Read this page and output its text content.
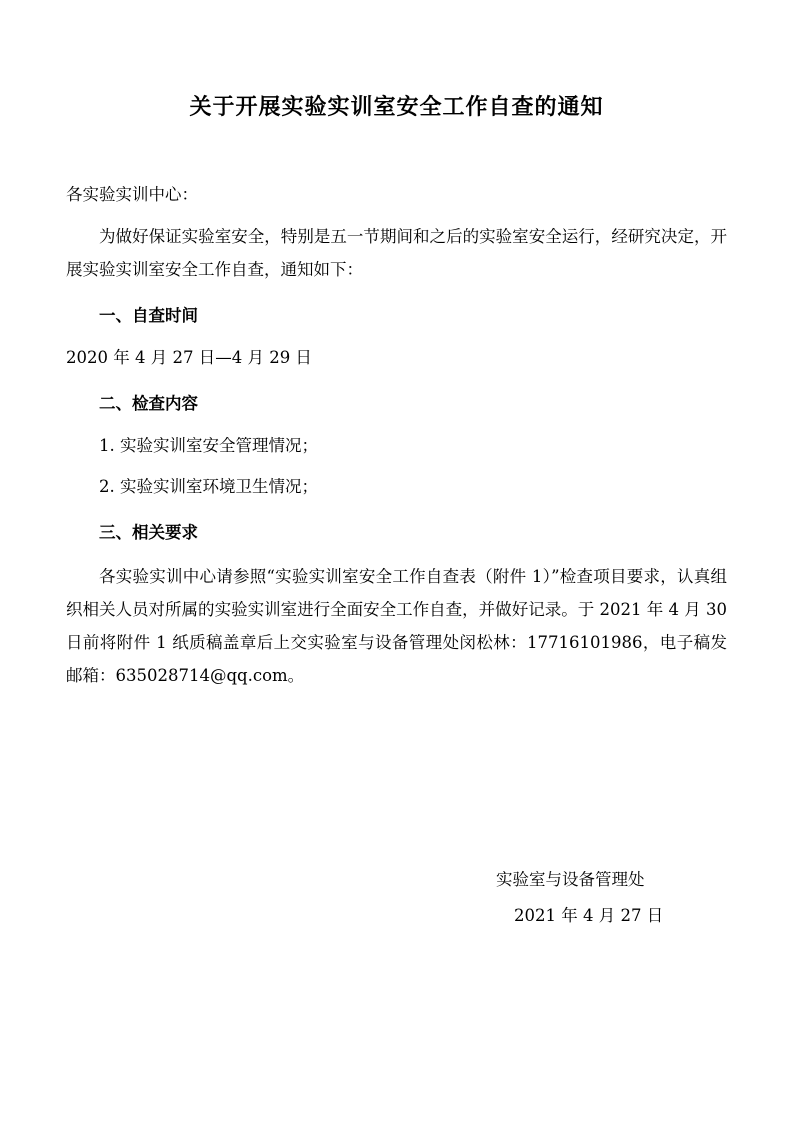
关于开展实验实训室安全工作自查的通知
各实验实训中心：
为做好保证实验室安全，特别是五一节期间和之后的实验室安全运行，经研究决定，开展实验实训室安全工作自查，通知如下：
一、自查时间
2020 年 4 月 27 日—4 月 29 日
二、检查内容
1. 实验实训室安全管理情况；
2. 实验实训室环境卫生情况；
三、相关要求
各实验实训中心请参照“实验实训室安全工作自查表（附件 1）”检查项目要求，认真组织相关人员对所属的实验实训室进行全面安全工作自查，并做好记录。于 2021 年 4 月 30 日前将附件 1 纸质稿盖章后上交实验室与设备管理处闵松林：17716101986，电子稿发邮箱：635028714@qq.com。
实验室与设备管理处
2021 年 4 月 27 日
